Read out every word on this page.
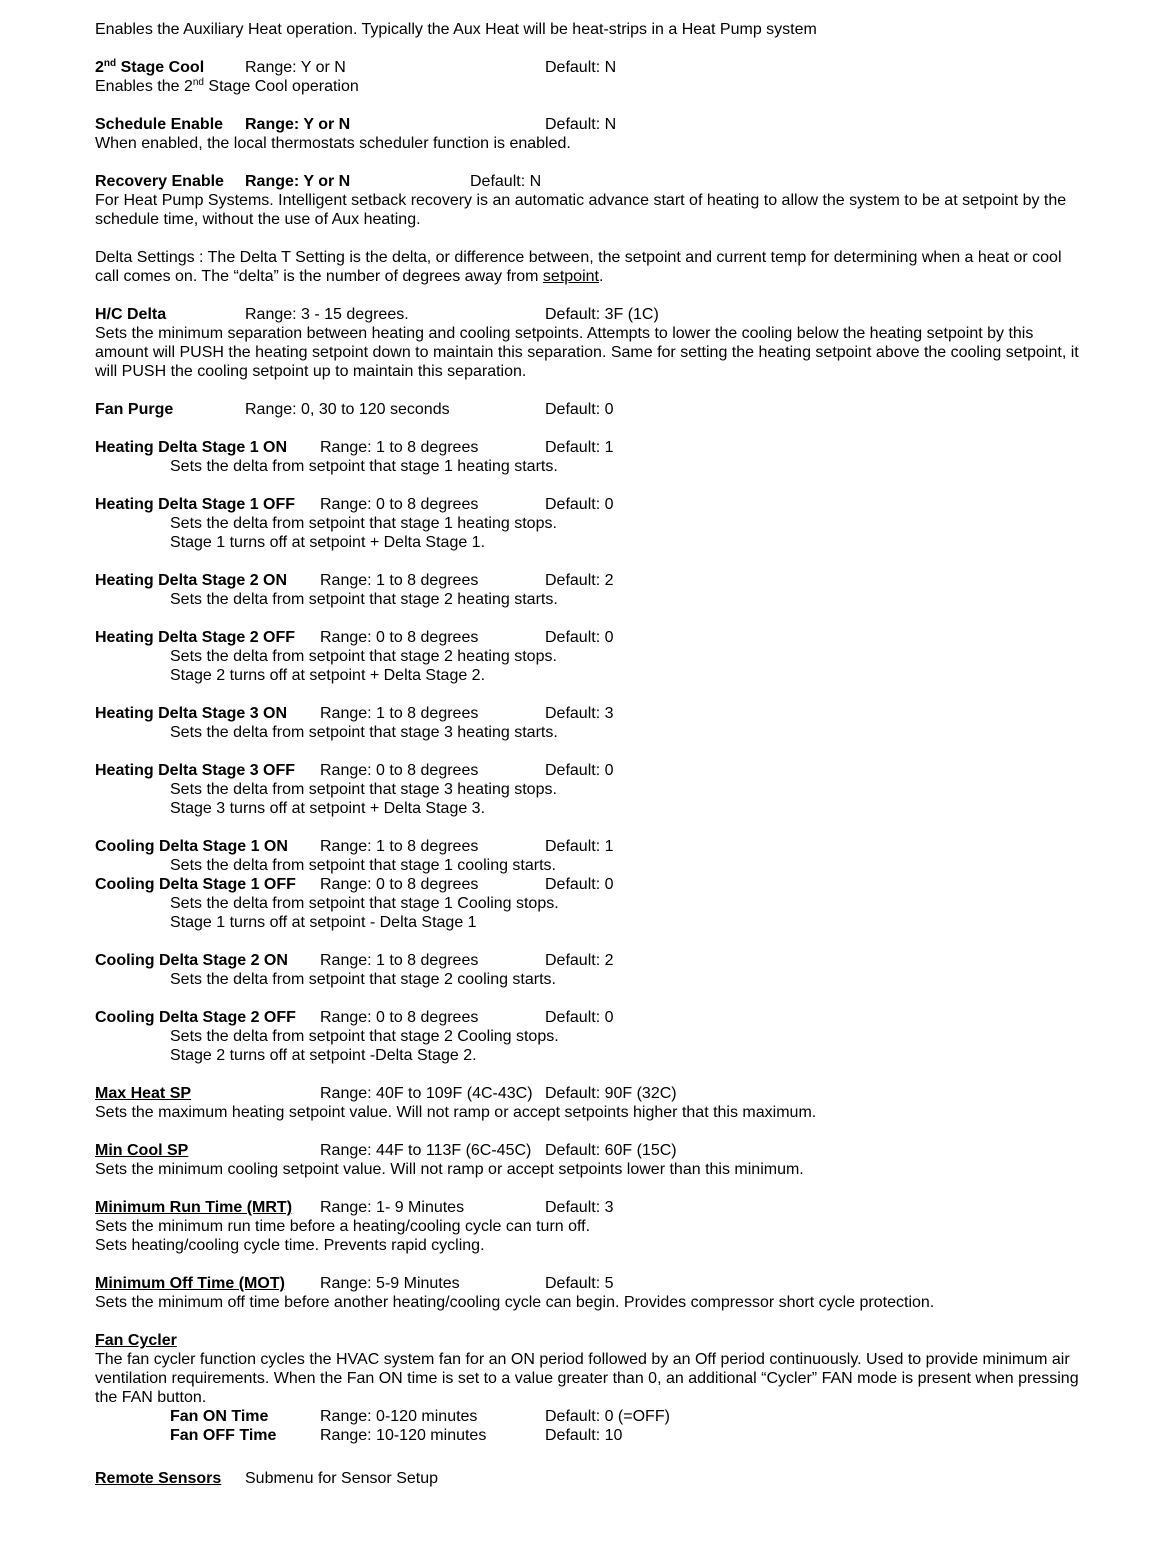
Enables the Auxiliary Heat operation. Typically the Aux Heat will be heat-strips in a Heat Pump system
2nd Stage Cool	Range: Y or N	Default: N
Enables the 2nd Stage Cool operation
Schedule Enable Range: Y or N	Default: N
When enabled, the local thermostats scheduler function is enabled.
Recovery Enable Range: Y or N	Default: N
For Heat Pump Systems. Intelligent setback recovery is an automatic advance start of heating to allow the system to be at setpoint by the schedule time, without the use of Aux heating.
Delta Settings : The Delta T Setting is the delta, or difference between, the setpoint and current temp for determining when a heat or cool call comes on. The “delta” is the number of degrees away from setpoint.
H/C Delta	Range: 3 - 15 degrees.	Default: 3F (1C)
Sets the minimum separation between heating and cooling setpoints. Attempts to lower the cooling below the heating setpoint by this amount will PUSH the heating setpoint down to maintain this separation. Same for setting the heating setpoint above the cooling setpoint, it will PUSH the cooling setpoint up to maintain this separation.
Fan Purge	Range: 0, 30 to 120 seconds	Default: 0
Heating Delta Stage 1 ON Range: 1 to 8 degrees	Default: 1
Sets the delta from setpoint that stage 1 heating starts.
Heating Delta Stage 1 OFF Range: 0 to 8 degrees	Default: 0
Sets the delta from setpoint that stage 1 heating stops.
Stage 1 turns off at setpoint + Delta Stage 1.
Heating Delta Stage 2 ON Range: 1 to 8 degrees	Default: 2
Sets the delta from setpoint that stage 2 heating starts.
Heating Delta Stage 2 OFF Range: 0 to 8 degrees	Default: 0
Sets the delta from setpoint that stage 2 heating stops.
Stage 2 turns off at setpoint + Delta Stage 2.
Heating Delta Stage 3 ON Range: 1 to 8 degrees	Default: 3
Sets the delta from setpoint that stage 3 heating starts.
Heating Delta Stage 3 OFF Range: 0 to 8 degrees	Default: 0
Sets the delta from setpoint that stage 3 heating stops.
Stage 3 turns off at setpoint + Delta Stage 3.
Cooling Delta Stage 1 ON Range: 1 to 8 degrees	Default: 1
Sets the delta from setpoint that stage 1 cooling starts.
Cooling Delta Stage 1 OFF Range: 0 to 8 degrees	Default: 0
Sets the delta from setpoint that stage 1 Cooling stops.
Stage 1 turns off at setpoint - Delta Stage 1
Cooling Delta Stage 2 ON Range: 1 to 8 degrees	Default: 2
Sets the delta from setpoint that stage 2 cooling starts.
Cooling Delta Stage 2 OFF Range: 0 to 8 degrees	Default: 0
Sets the delta from setpoint that stage 2 Cooling stops.
Stage 2 turns off at setpoint -Delta Stage 2.
Max Heat SP	Range: 40F to 109F (4C-43C) Default: 90F (32C)
Sets the maximum heating setpoint value. Will not ramp or accept setpoints higher that this maximum.
Min Cool SP	Range: 44F to 113F (6C-45C) Default: 60F (15C)
Sets the minimum cooling setpoint value. Will not ramp or accept setpoints lower than this minimum.
Minimum Run Time (MRT) Range: 1- 9 Minutes	Default: 3
Sets the minimum run time before a heating/cooling cycle can turn off.
Sets heating/cooling cycle time. Prevents rapid cycling.
Minimum Off Time (MOT) Range: 5-9 Minutes	Default: 5
Sets the minimum off time before another heating/cooling cycle can begin. Provides compressor short cycle protection.
Fan Cycler
The fan cycler function cycles the HVAC system fan for an ON period followed by an Off period continuously. Used to provide minimum air ventilation requirements. When the Fan ON time is set to a value greater than 0, an additional “Cycler” FAN mode is present when pressing the FAN button.
Fan ON Time	Range: 0-120 minutes	Default: 0 (=OFF)
Fan OFF Time	Range: 10-120 minutes	Default: 10
Remote Sensors Submenu for Sensor Setup
